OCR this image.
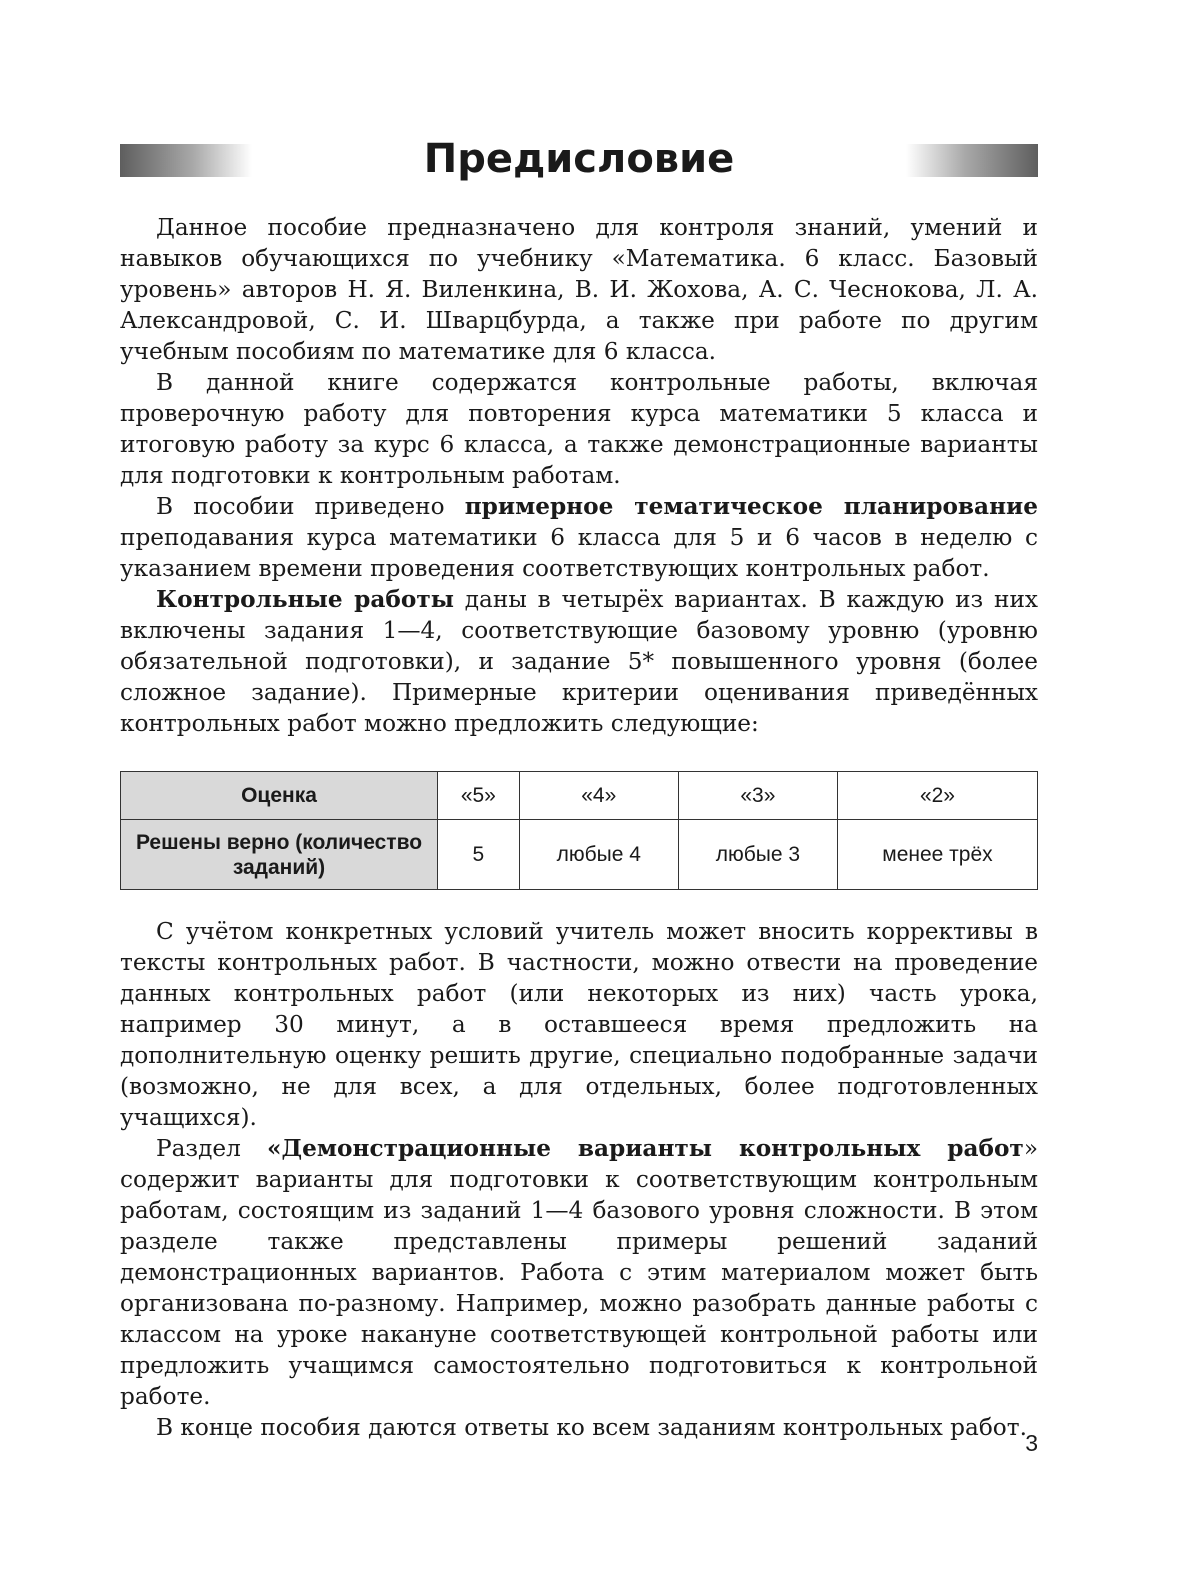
Предисловие

Данное пособие предназначено для контроля знаний, умений и навыков обучающихся по учебнику «Математика. 6 класс. Базовый уровень» авторов Н. Я. Виленкина, В. И. Жохова, А. С. Чеснокова, Л. А. Александровой, С. И. Шварцбурда, а также при работе по другим учебным пособиям по математике для 6 класса.

В данной книге содержатся контрольные работы, включая проверочную работу для повторения курса математики 5 класса и итоговую работу за курс 6 класса, а также демонстрационные варианты для подготовки к контрольным работам.

В пособии приведено примерное тематическое планирование преподавания курса математики 6 класса для 5 и 6 часов в неделю с указанием времени проведения соответствующих контрольных работ.

Контрольные работы даны в четырёх вариантах. В каждую из них включены задания 1—4, соответствующие базовому уровню (уровню обязательной подготовки), и задание 5* повышенного уровня (более сложное задание). Примерные критерии оценивания приведённых контрольных работ можно предложить следующие:

Оценка	«5»	«4»	«3»	«2»
Решены верно (количество заданий)	5	любые 4	любые 3	менее трёх

С учётом конкретных условий учитель может вносить коррективы в тексты контрольных работ. В частности, можно отвести на проведение данных контрольных работ (или некоторых из них) часть урока, например 30 минут, а в оставшееся время предложить на дополнительную оценку решить другие, специально подобранные задачи (возможно, не для всех, а для отдельных, более подготовленных учащихся).

Раздел «Демонстрационные варианты контрольных работ» содержит варианты для подготовки к соответствующим контрольным работам, состоящим из заданий 1—4 базового уровня сложности. В этом разделе также представлены примеры решений заданий демонстрационных вариантов. Работа с этим материалом может быть организована по-разному. Например, можно разобрать данные работы с классом на уроке накануне соответствующей контрольной работы или предложить учащимся самостоятельно подготовиться к контрольной работе.

В конце пособия даются ответы ко всем заданиям контрольных работ.

3
